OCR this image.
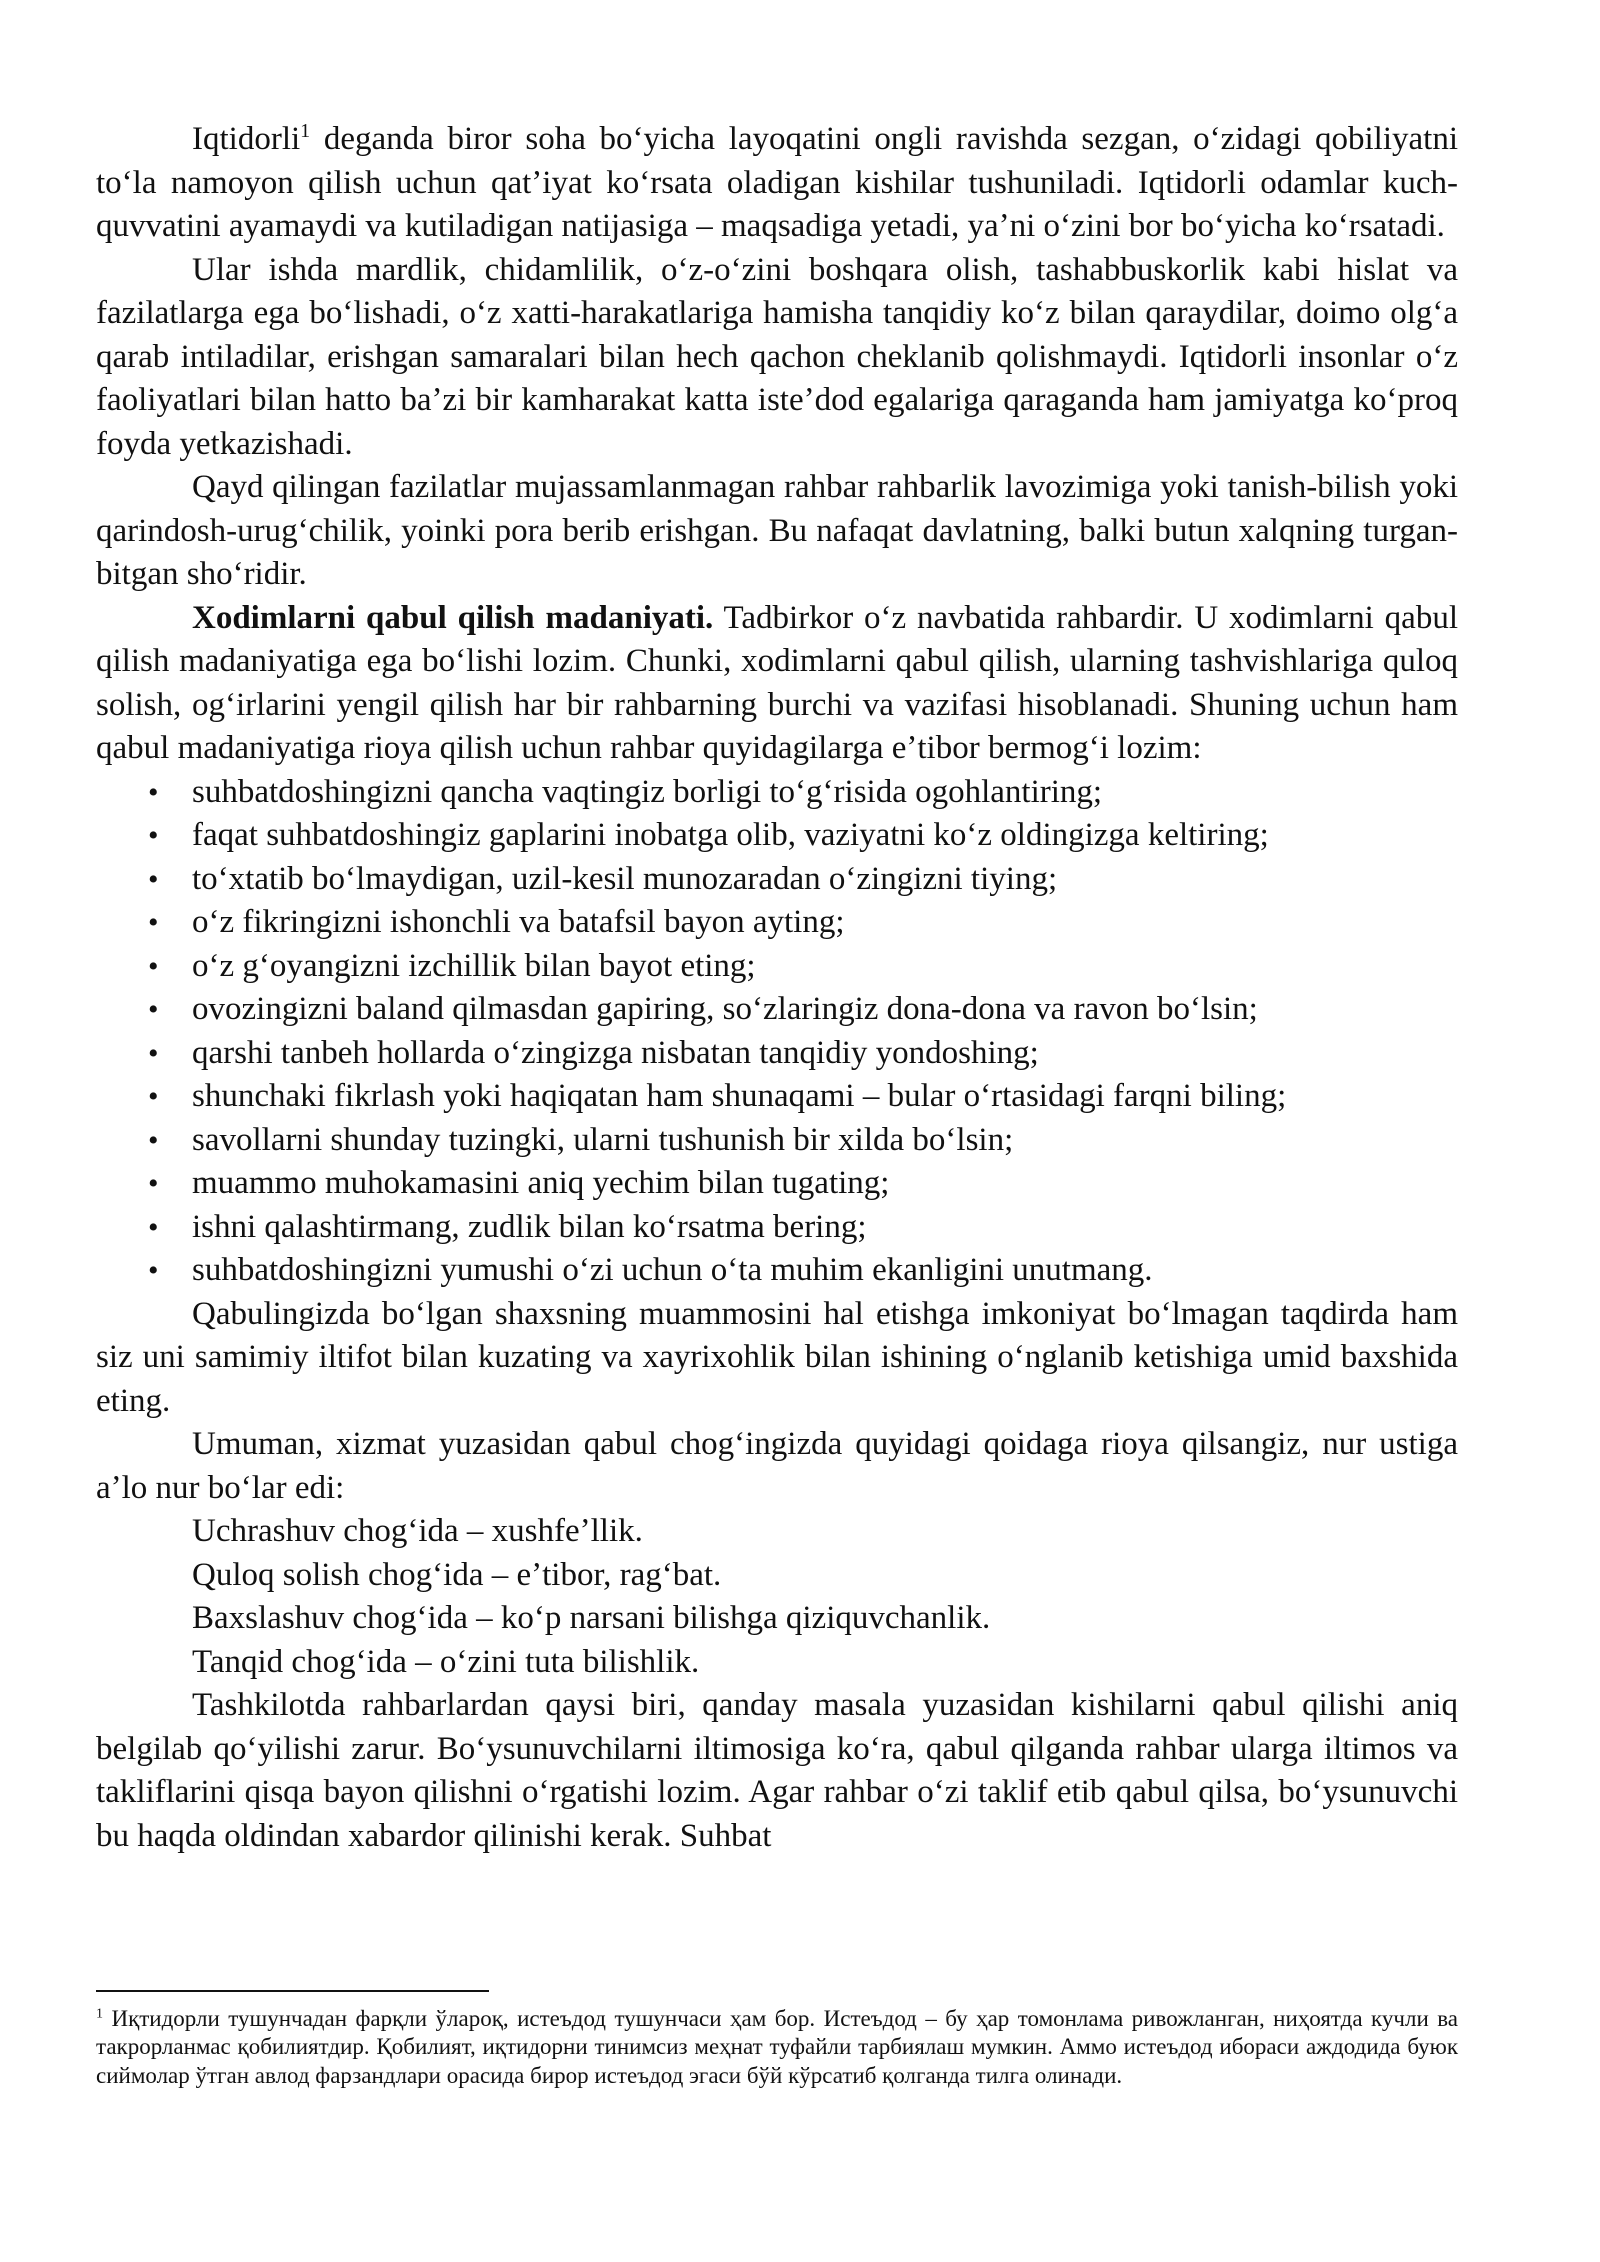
Iqtidorli$^1$ deganda biror soha boʻyicha layoqatini ongli ravishda sezgan, oʻzidagi qobiliyatni toʻla namoyon qilish uchun qatʼiyat koʻrsata oladigan kishilar tushuniladi. Iqtidorli odamlar kuch-quvvatini ayamaydi va kutiladigan natijasiga – maqsadiga yetadi, yaʼni oʻzini bor boʻyicha koʻrsatadi.

Ular ishda mardlik, chidamlilik, oʻz-oʻzini boshqara olish, tashabbuskorlik kabi hislat va fazilatlarga ega boʻlishadi, oʻz xatti-harakatlariga hamisha tanqidiy koʻz bilan qaraydilar, doimo olgʻa qarab intiladilar, erishgan samaralari bilan hech qachon cheklanib qolishmaydi. Iqtidorli insonlar oʻz faoliyatlari bilan hatto baʼzi bir kamharakat katta isteʼdod egalariga qaraganda ham jamiyatga koʻproq foyda yetkazishadi.

Qayd qilingan fazilatlar mujassamlanmagan rahbar rahbarlik lavozimiga yoki tanish-bilish yoki qarindosh-urugʻchilik, yoinki pora berib erishgan. Bu nafaqat davlatning, balki butun xalqning turgan-bitgan shoʻridir.

Xodimlarni qabul qilish madaniyati. Tadbirkor oʻz navbatida rahbardir. U xodimlarni qabul qilish madaniyatiga ega boʻlishi lozim. Chunki, xodimlarni qabul qilish, ularning tashvishlariga quloq solish, ogʻirlarini yengil qilish har bir rahbarning burchi va vazifasi hisoblanadi. Shuning uchun ham qabul madaniyatiga rioya qilish uchun rahbar quyidagilarga eʼtibor bermogʻi lozim:

• suhbatdoshingizni qancha vaqtingiz borligi toʻgʻrisida ogohlantiring;
• faqat suhbatdoshingiz gaplarini inobatga olib, vaziyatni koʻz oldingizga keltiring;
• toʻxtatib boʻlmaydigan, uzil-kesil munozaradan oʻzingizni tiying;
• oʻz fikringizni ishonchli va batafsil bayon ayting;
• oʻz gʻoyangizni izchillik bilan bayot eting;
• ovozingizni baland qilmasdan gapiring, soʻzlaringiz dona-dona va ravon boʻlsin;
• qarshi tanbeh hollarda oʻzingizga nisbatan tanqidiy yondoshing;
• shunchaki fikrlash yoki haqiqatan ham shunaqami – bular oʻrtasidagi farqni biling;
• savollarni shunday tuzingki, ularni tushunish bir xilda boʻlsin;
• muammo muhokamasini aniq yechim bilan tugating;
• ishni qalashtirmang, zudlik bilan koʻrsatma bering;
• suhbatdoshingizni yumushi oʻzi uchun oʻta muhim ekanligini unutmang.

Qabulingizda boʻlgan shaxsning muammosini hal etishga imkoniyat boʻlmagan taqdirda ham siz uni samimiy iltifot bilan kuzating va xayrixohlik bilan ishining oʻnglanib ketishiga umid baxshida eting.

Umuman, xizmat yuzasidan qabul chogʻingizda quyidagi qoidaga rioya qilsangiz, nur ustiga aʼlo nur boʻlar edi:

Uchrashuv chogʻida – xushfeʼllik.

Quloq solish chogʻida – eʼtibor, ragʻbat.

Baxslashuv chogʻida – koʻp narsani bilishga qiziquvchanlik.

Tanqid chogʻida – oʻzini tuta bilishlik.

Tashkilotda rahbarlardan qaysi biri, qanday masala yuzasidan kishilarni qabul qilishi aniq belgilab qoʻyilishi zarur. Boʻysunuvchilarni iltimosiga koʻra, qabul qilganda rahbar ularga iltimos va takliflarini qisqa bayon qilishni oʻrgatishi lozim. Agar rahbar oʻzi taklif etib qabul qilsa, boʻysunuvchi bu haqda oldindan xabardor qilinishi kerak. Suhbat

$^1$ Иқтидорли тушунчадан фарқли ўлароқ, истеъдод тушунчаси ҳам бор. Истеъдод – бу ҳар томонлама ривожланган, ниҳоятда кучли ва такрорланмас қобилиятдир. Қобилият, иқтидорни тинимсиз меҳнат туфайли тарбиялаш мумкин. Аммо истеъдод ибораси аждодида буюк сиймолар ўтган авлод фарзандлари орасида бирор истеъдод эгаси бўй кўрсатиб қолганда тилга олинади.
